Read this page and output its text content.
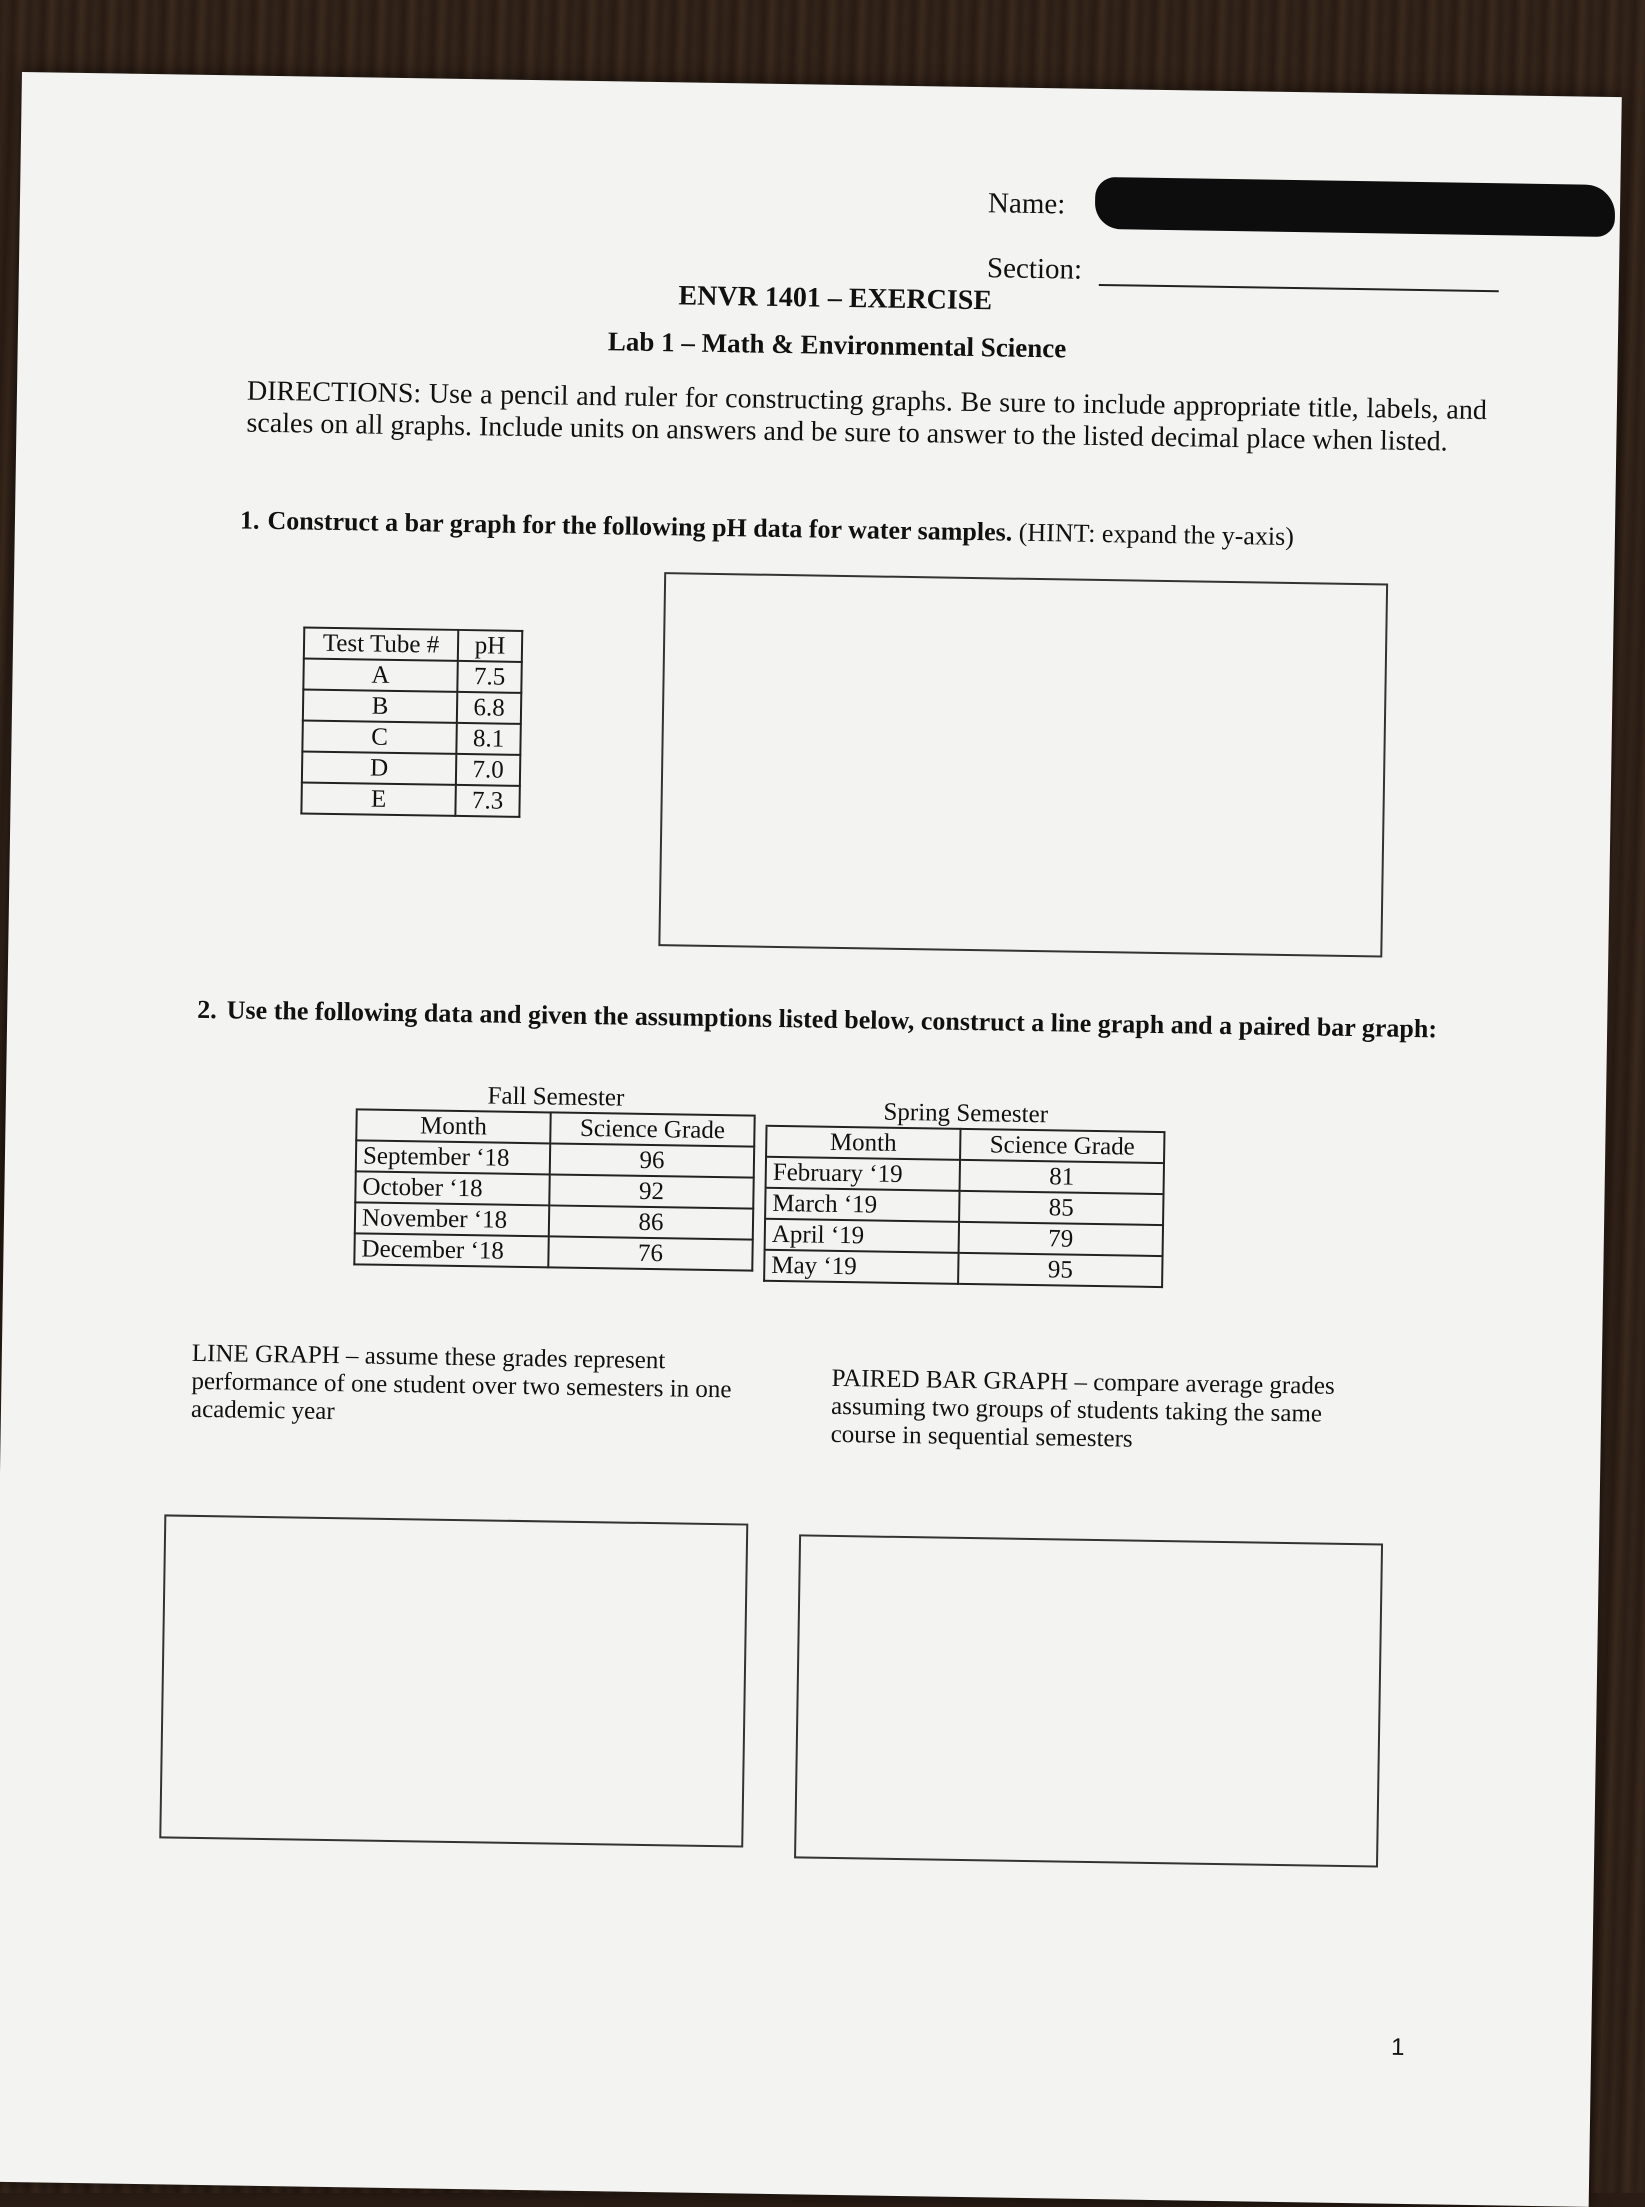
Name:
Section:
ENVR 1401 – EXERCISE
Lab 1 – Math & Environmental Science
DIRECTIONS: Use a pencil and ruler for constructing graphs. Be sure to include appropriate title, labels, and scales on all graphs. Include units on answers and be sure to answer to the listed decimal place when listed.
1. Construct a bar graph for the following pH data for water samples. (HINT: expand the y-axis)
Test Tube #	pH
A	7.5
B	6.8
C	8.1
D	7.0
E	7.3
2. Use the following data and given the assumptions listed below, construct a line graph and a paired bar graph:
Fall Semester	
Month	Science Grade
September ‘18	96
October ‘18	92
November ‘18	86
December ‘18	76
Spring Semester	
Month	Science Grade
February ‘19	81
March ‘19	85
April ‘19	79
May ‘19	95
LINE GRAPH – assume these grades represent performance of one student over two semesters in one academic year
PAIRED BAR GRAPH – compare average grades assuming two groups of students taking the same course in sequential semesters
1
